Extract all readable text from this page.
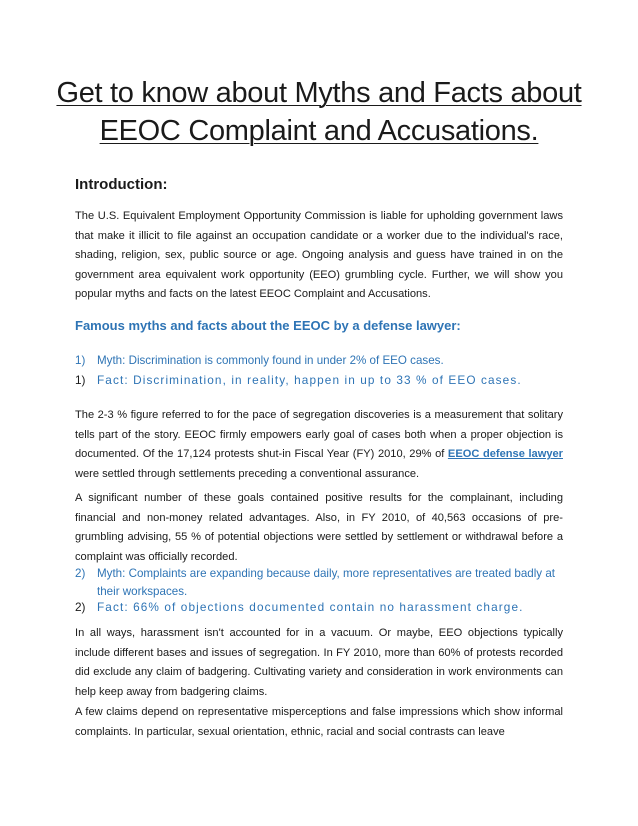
Get to know about Myths and Facts about EEOC Complaint and Accusations.
Introduction:

The U.S. Equivalent Employment Opportunity Commission is liable for upholding government laws that make it illicit to file against an occupation candidate or a worker due to the individual's race, shading, religion, sex, public source or age. Ongoing analysis and guess have trained in on the government area equivalent work opportunity (EEO) grumbling cycle. Further, we will show you popular myths and facts on the latest EEOC Complaint and Accusations.

Famous myths and facts about the EEOC by a defense lawyer:
1)	Myth: Discrimination is commonly found in under 2% of EEO cases.
1) Fact: Discrimination, in reality, happen in up to 33 % of EEO cases.

The 2-3 % figure referred to for the pace of segregation discoveries is a measurement that solitary tells part of the story. EEOC firmly empowers early goal of cases both when a proper objection is documented. Of the 17,124 protests shut-in Fiscal Year (FY) 2010, 29% of EEOC defense lawyer were settled through settlements preceding a conventional assurance.

A significant number of these goals contained positive results for the complainant, including financial and non-money related advantages. Also, in FY 2010, of 40,563 occasions of pre-grumbling advising, 55 % of potential objections were settled by settlement or withdrawal before a complaint was officially recorded.

2)	Myth: Complaints are expanding because daily, more representatives are treated badly at their workspaces.
2) Fact: 66% of objections documented contain no harassment charge.

In all ways, harassment isn't accounted for in a vacuum. Or maybe, EEO objections typically include different bases and issues of segregation. In FY 2010, more than 60% of protests recorded did exclude any claim of badgering. Cultivating variety and consideration in work environments can help keep away from badgering claims.

A few claims depend on representative misperceptions and false impressions which show informal complaints. In particular, sexual orientation, ethnic, racial and social contrasts can leave
